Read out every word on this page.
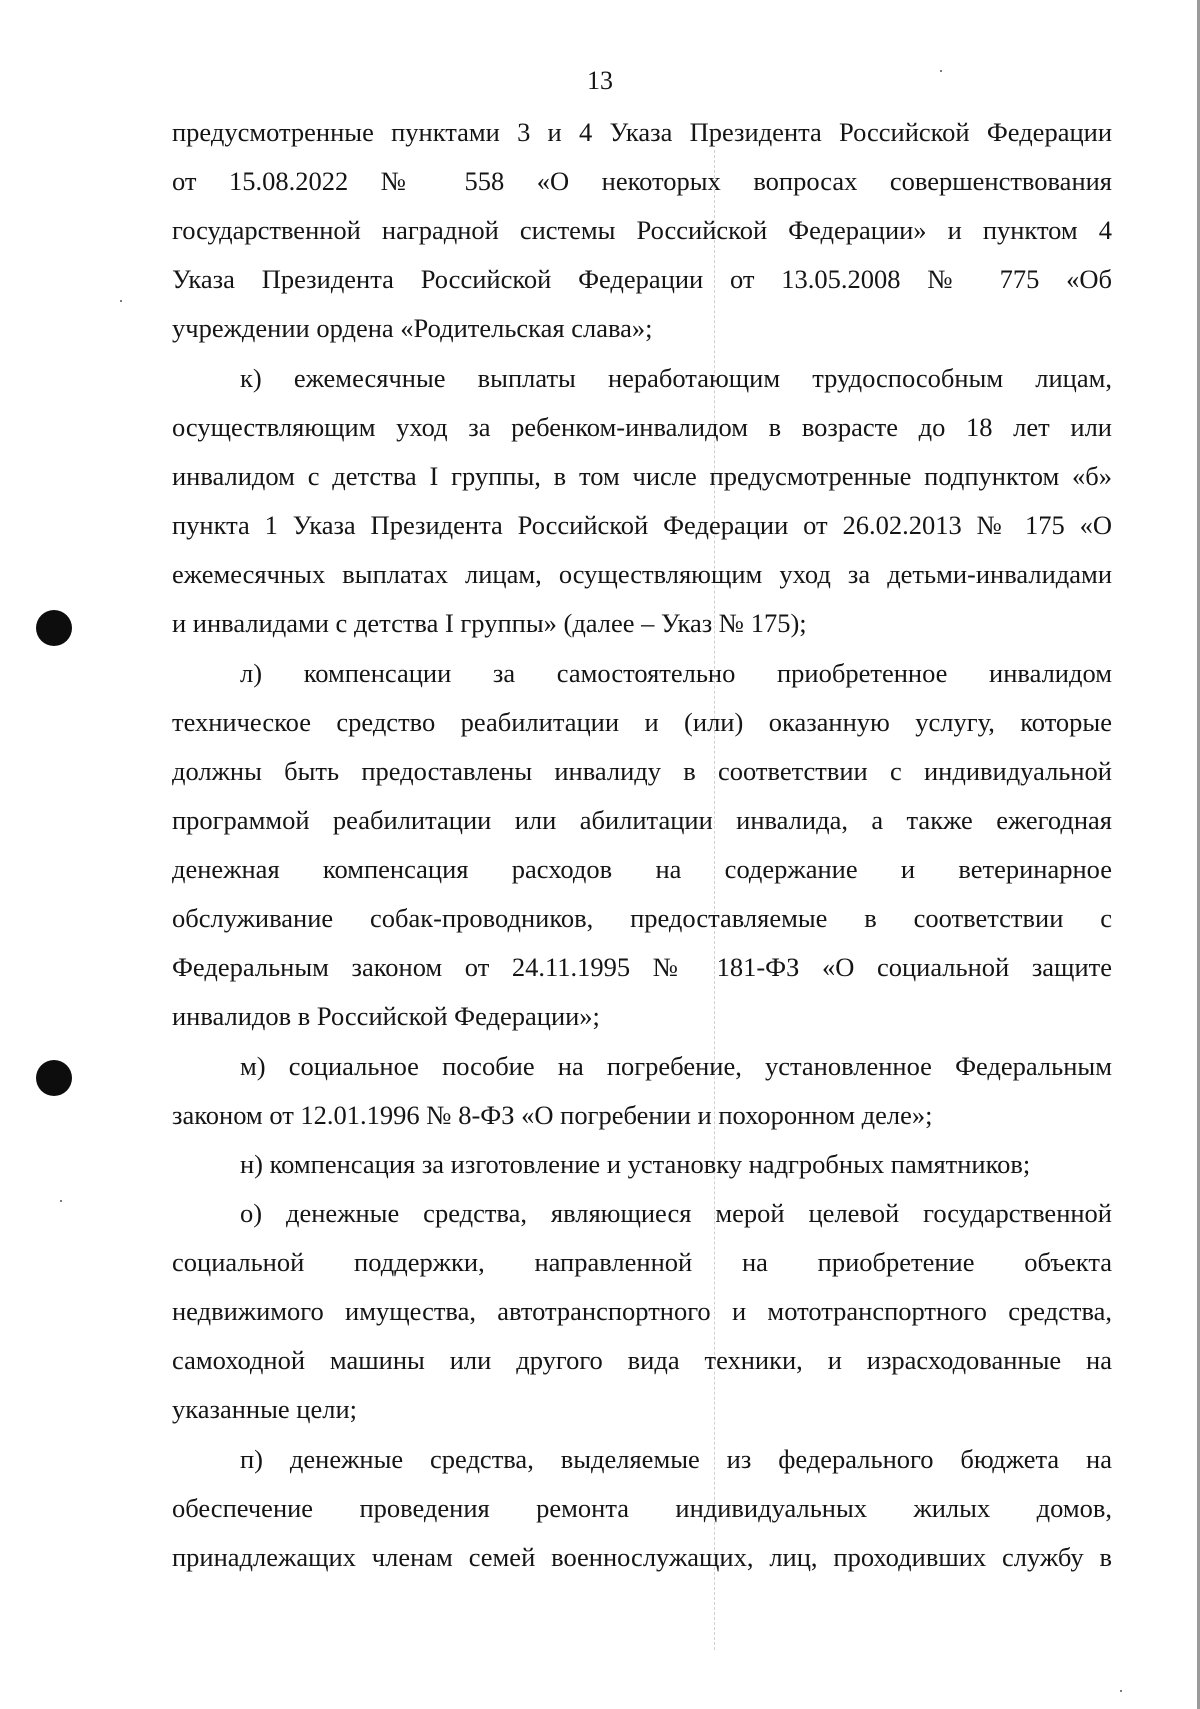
13
предусмотренные пунктами 3 и 4 Указа Президента Российской Федерации
от 15.08.2022 № 558 «О некоторых вопросах совершенствования
государственной наградной системы Российской Федерации» и пунктом 4
Указа Президента Российской Федерации от 13.05.2008 № 775 «Об
учреждении ордена «Родительская слава»;
к) ежемесячные выплаты неработающим трудоспособным лицам,
осуществляющим уход за ребенком-инвалидом в возрасте до 18 лет или
инвалидом с детства I группы, в том числе предусмотренные подпунктом «б»
пункта 1 Указа Президента Российской Федерации от 26.02.2013 № 175 «О
ежемесячных выплатах лицам, осуществляющим уход за детьми-инвалидами
и инвалидами с детства I группы» (далее – Указ № 175);
л) компенсации за самостоятельно приобретенное инвалидом
техническое средство реабилитации и (или) оказанную услугу, которые
должны быть предоставлены инвалиду в соответствии с индивидуальной
программой реабилитации или абилитации инвалида, а также ежегодная
денежная компенсация расходов на содержание и ветеринарное
обслуживание собак-проводников, предоставляемые в соответствии с
Федеральным законом от 24.11.1995 № 181-ФЗ «О социальной защите
инвалидов в Российской Федерации»;
м) социальное пособие на погребение, установленное Федеральным
законом от 12.01.1996 № 8-ФЗ «О погребении и похоронном деле»;
н) компенсация за изготовление и установку надгробных памятников;
о) денежные средства, являющиеся мерой целевой государственной
социальной поддержки, направленной на приобретение объекта
недвижимого имущества, автотранспортного и мототранспортного средства,
самоходной машины или другого вида техники, и израсходованные на
указанные цели;
п) денежные средства, выделяемые из федерального бюджета на
обеспечение проведения ремонта индивидуальных жилых домов,
принадлежащих членам семей военнослужащих, лиц, проходивших службу в
